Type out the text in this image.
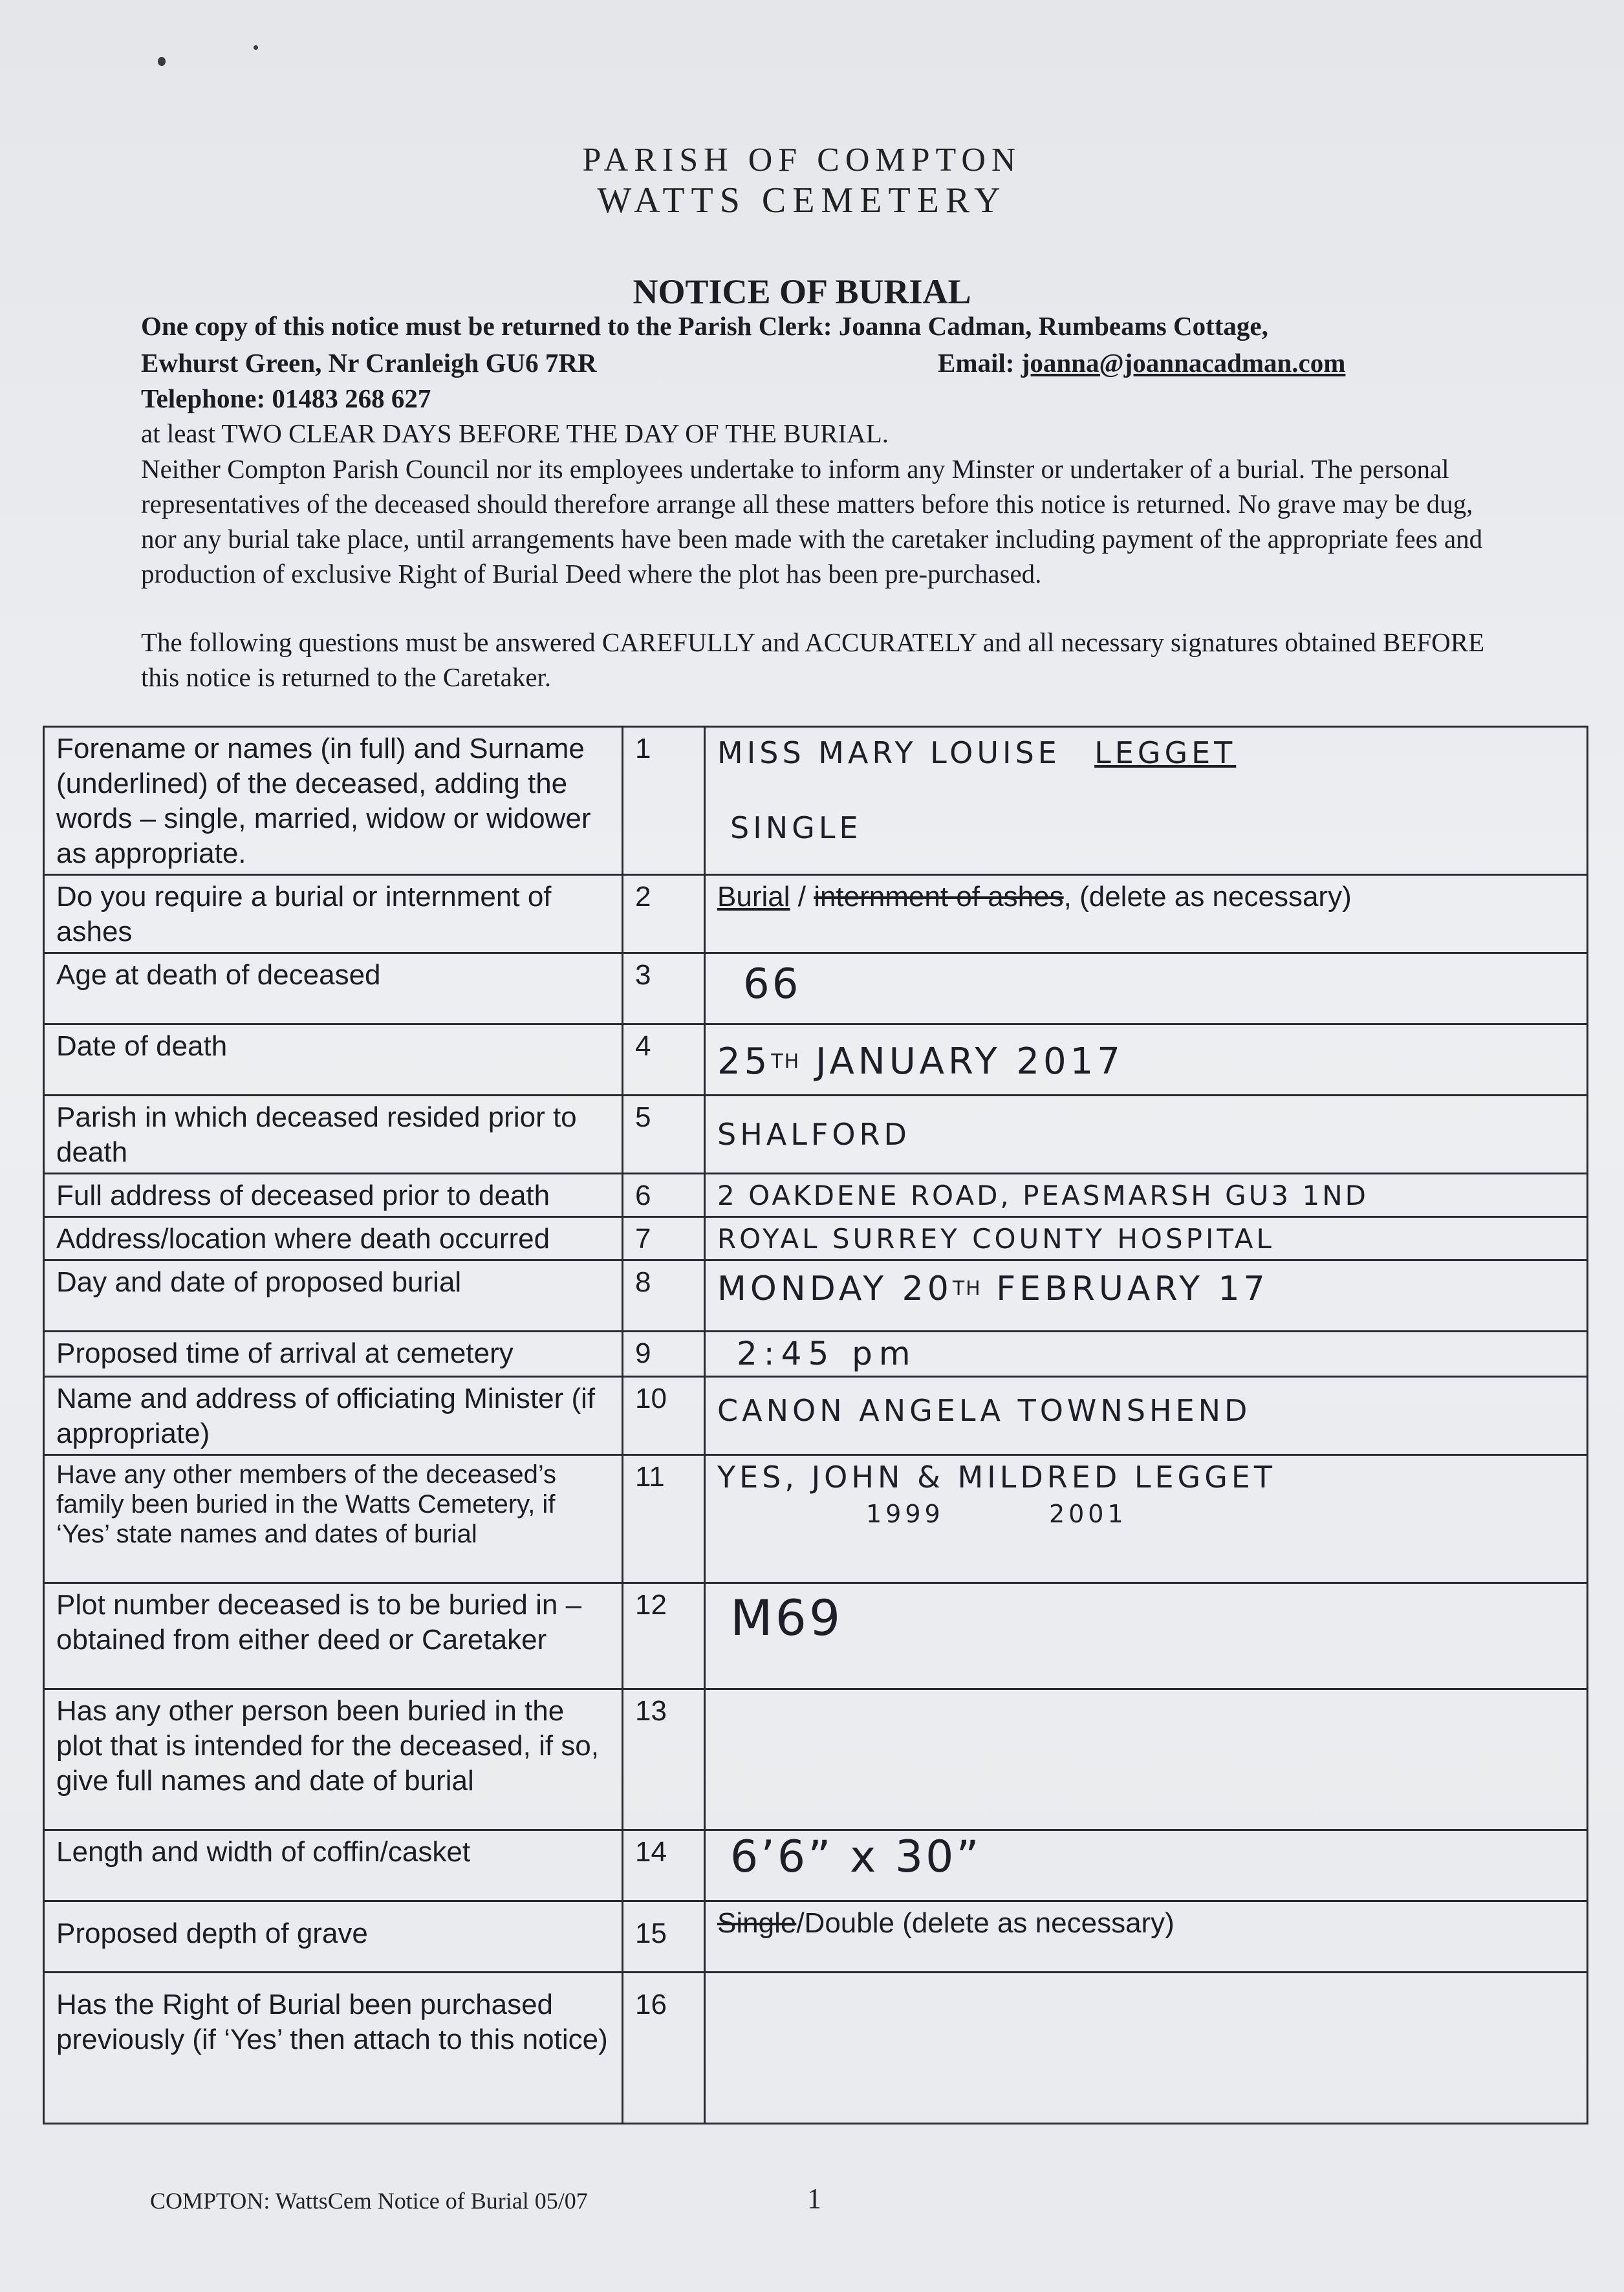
PARISH OF COMPTON
WATTS CEMETERY
NOTICE OF BURIAL
One copy of this notice must be returned to the Parish Clerk: Joanna Cadman, Rumbeams Cottage,
Ewhurst Green, Nr Cranleigh GU6 7RR	Email: joanna@joannacadman.com
Telephone: 01483 268 627
at least TWO CLEAR DAYS BEFORE THE DAY OF THE BURIAL.
Neither Compton Parish Council nor its employees undertake to inform any Minster or undertaker of a burial. The personal representatives of the deceased should therefore arrange all these matters before this notice is returned. No grave may be dug, nor any burial take place, until arrangements have been made with the caretaker including payment of the appropriate fees and production of exclusive Right of Burial Deed where the plot has been pre-purchased.
The following questions must be answered CAREFULLY and ACCURATELY and all necessary signatures obtained BEFORE this notice is returned to the Caretaker.
Forename or names (in full) and Surname (underlined) of the deceased, adding the words – single, married, widow or widower as appropriate.	1	MISS MARY LOUISE LEGGET
SINGLE

Do you require a burial or internment of ashes	2	Burial / internment of ashes, (delete as necessary)
Age at death of deceased	3	66
Date of death	4	25TH JANUARY 2017
Parish in which deceased resided prior to death	5	SHALFORD
Full address of deceased prior to death	6	2 OAKDENE ROAD, PEASMARSH GU3 1ND
Address/location where death occurred	7	ROYAL SURREY COUNTY HOSPITAL
Day and date of proposed burial	8	MONDAY 20TH FEBRUARY 17
Proposed time of arrival at cemetery	9	2:45 pm
Name and address of officiating Minister (if appropriate)	10	CANON ANGELA TOWNSHEND
Have any other members of the deceased’s family been buried in the Watts Cemetery, if ‘Yes’ state names and dates of burial	11	YES, JOHN & MILDRED LEGGET
1999 2001

Plot number deceased is to be buried in – obtained from either deed or Caretaker	12	M69
Has any other person been buried in the plot that is intended for the deceased, if so, give full names and date of burial	13	
Length and width of coffin/casket	14	6’6” x 30”
Proposed depth of grave	15	Single/Double (delete as necessary)
Has the Right of Burial been purchased previously (if ‘Yes’ then attach to this notice)	16	
COMPTON: WattsCem Notice of Burial 05/07	1
